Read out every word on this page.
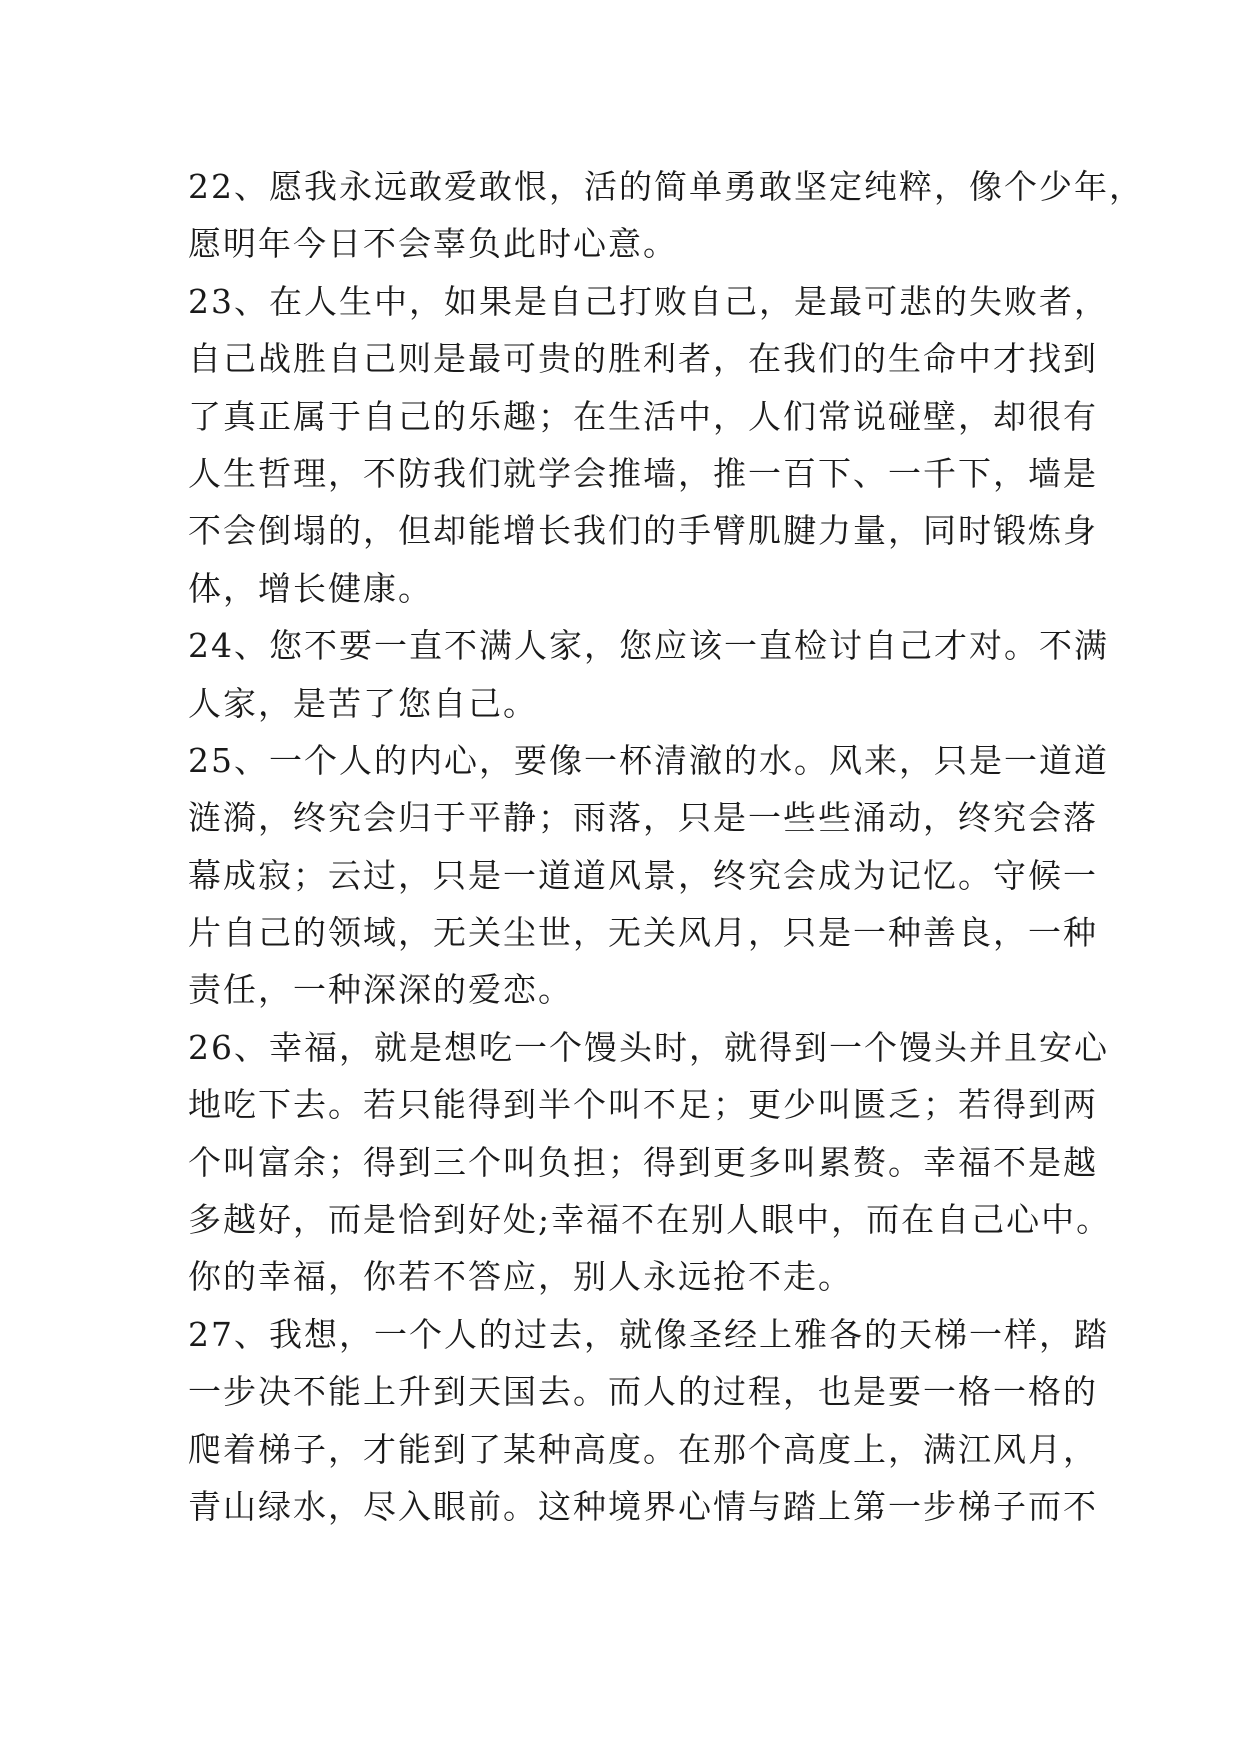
22、愿我永远敢爱敢恨，活的简单勇敢坚定纯粹，像个少年，
愿明年今日不会辜负此时心意。
23、在人生中，如果是自己打败自己，是最可悲的失败者，
自己战胜自己则是最可贵的胜利者，在我们的生命中才找到
了真正属于自己的乐趣；在生活中，人们常说碰壁，却很有
人生哲理，不防我们就学会推墙，推一百下、一千下，墙是
不会倒塌的，但却能增长我们的手臂肌腱力量，同时锻炼身
体，增长健康。
24、您不要一直不满人家，您应该一直检讨自己才对。不满
人家，是苦了您自己。
25、一个人的内心，要像一杯清澈的水。风来，只是一道道
涟漪，终究会归于平静；雨落，只是一些些涌动，终究会落
幕成寂；云过，只是一道道风景，终究会成为记忆。守候一
片自己的领域，无关尘世，无关风月，只是一种善良，一种
责任，一种深深的爱恋。
26、幸福，就是想吃一个馒头时，就得到一个馒头并且安心
地吃下去。若只能得到半个叫不足；更少叫匮乏；若得到两
个叫富余；得到三个叫负担；得到更多叫累赘。幸福不是越
多越好，而是恰到好处;幸福不在别人眼中，而在自己心中。
你的幸福，你若不答应，别人永远抢不走。
27、我想，一个人的过去，就像圣经上雅各的天梯一样，踏
一步决不能上升到天国去。而人的过程，也是要一格一格的
爬着梯子，才能到了某种高度。在那个高度上，满江风月，
青山绿水，尽入眼前。这种境界心情与踏上第一步梯子而不
